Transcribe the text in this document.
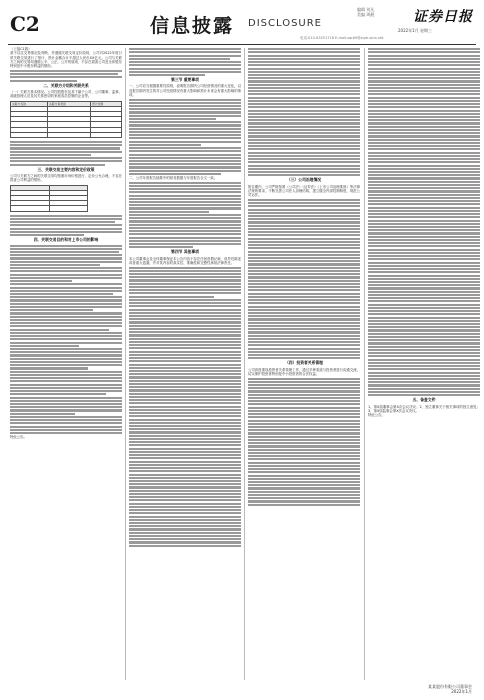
C2	信息披露 DISCLOSURE
编辑 刘凡
美编 周靓	证券日报
2022年1月 星期三
电话:010-83251716 E-mail:zqrb9@zqrb.sina.net

（上接C1版）

基于以往交易情况及判断，并遵循关联交易定价原则，公司对2022年度日常关联交易进行了预计，预计金额合计不超过人民币XX亿元。公司与关联方之间的交易均遵循公平、公正、公开的原则，不存在损害公司及全体股东特别是中小股东利益的情形。

二、关联方介绍和关联关系

（一）关联方基本情况。公司控股股东及其下属子公司、公司董事、监事、高级管理人员及其关系密切的家庭成员控制的企业等。

关联方名称	关联交易类别	预计金额

三、关联交易主要内容和定价政策

公司与关联方之间的关联交易均按照市场价格进行，定价公允合理，不存在损害公司利益的情形。

四、关联交易目的和对上市公司的影响

特此公告。

第三节 重要事项

一、公司应当根据重要性原则，说明报告期内公司经营情况的重大变化，以及报告期内发生的对公司经营情况有重大影响和预计未来会有重大影响的事项。

二、公司年度报告摘要中的财务数据与年度报告全文一致。

第四节 其他事项

本公司董事会及全体董事保证本公告内容不存在任何虚假记载、误导性陈述或者重大遗漏，并对其内容的真实性、准确性和完整性承担法律责任。

（三）公司治理情况

报告期内，公司严格按照《公司法》《证券法》《上市公司治理准则》等法律法规的要求，不断完善公司法人治理结构，建立健全内部控制制度，规范公司运作。

（四）投资者关系管理

公司高度重视投资者关系管理工作，通过多种渠道与投资者进行沟通交流，切实保护投资者特别是中小投资者的合法权益。

五、备查文件

1、第X届董事会第X次会议决议；2、独立董事关于相关事项的独立意见；3、第X届监事会第X次会议决议。

特此公告。

某某股份有限公司董事会
2022年1月
